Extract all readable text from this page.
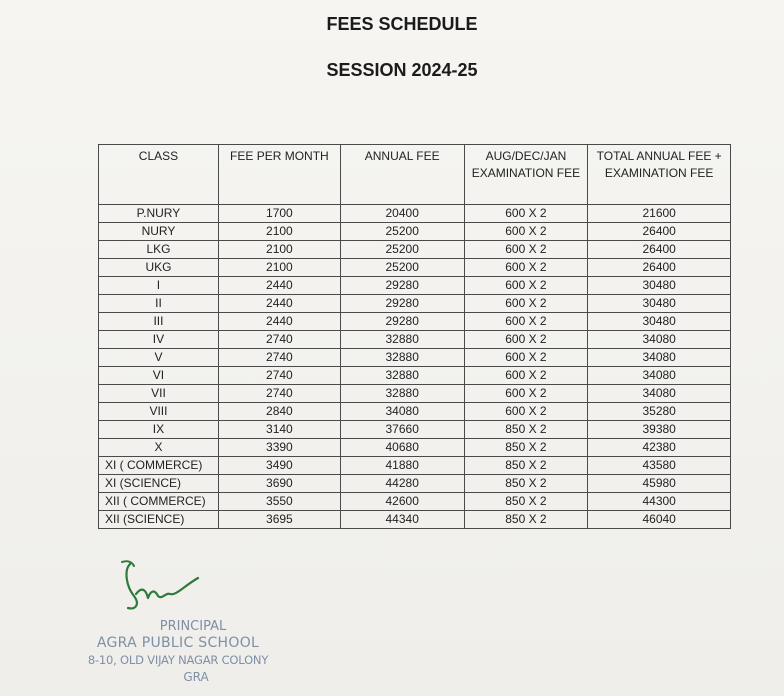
FEES SCHEDULE
SESSION 2024-25
CLASS	FEE PER MONTH	ANNUAL FEE	AUG/DEC/JAN EXAMINATION FEE	TOTAL ANNUAL FEE + EXAMINATION FEE
P.NURY	1700	20400	600 X 2	21600
NURY	2100	25200	600 X 2	26400
LKG	2100	25200	600 X 2	26400
UKG	2100	25200	600 X 2	26400
I	2440	29280	600 X 2	30480
II	2440	29280	600 X 2	30480
III	2440	29280	600 X 2	30480
IV	2740	32880	600 X 2	34080
V	2740	32880	600 X 2	34080
VI	2740	32880	600 X 2	34080
VII	2740	32880	600 X 2	34080
VIII	2840	34080	600 X 2	35280
IX	3140	37660	850 X 2	39380
X	3390	40680	850 X 2	42380
XI ( COMMERCE)	3490	41880	850 X 2	43580
XI (SCIENCE)	3690	44280	850 X 2	45980
XII ( COMMERCE)	3550	42600	850 X 2	44300
XII (SCIENCE)	3695	44340	850 X 2	46040
PRINCIPAL
AGRA PUBLIC SCHOOL
8-10, OLD VIJAY NAGAR COLONY
GRA
